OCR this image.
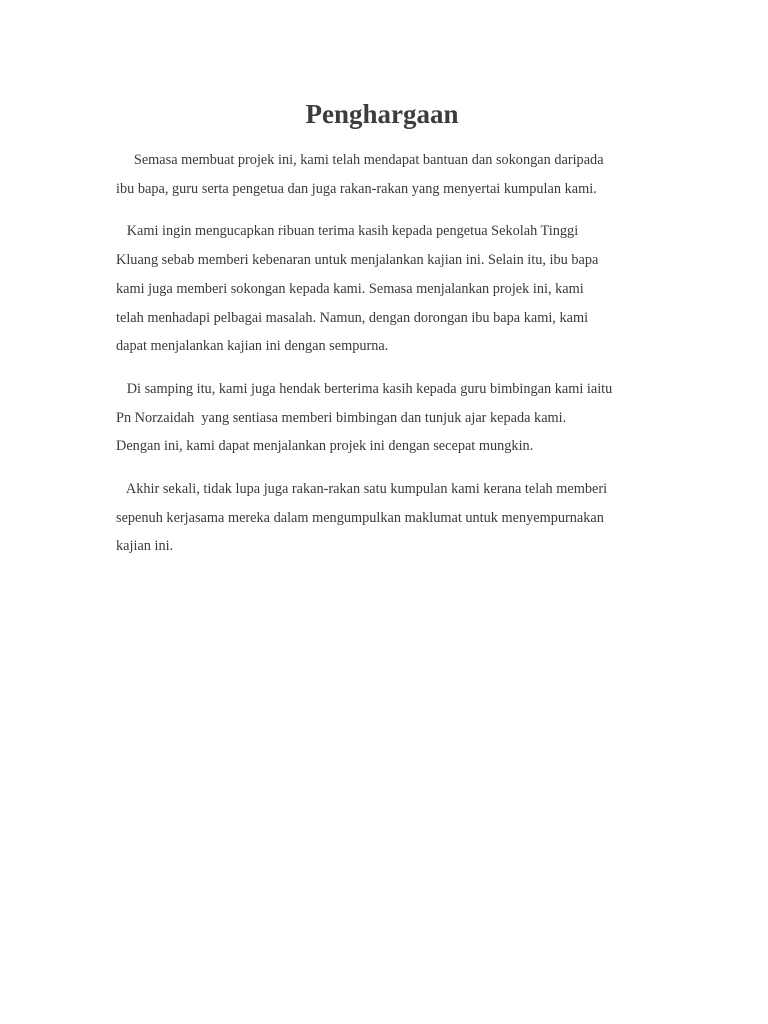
Penghargaan

Semasa membuat projek ini, kami telah mendapat bantuan dan sokongan daripada
ibu bapa, guru serta pengetua dan juga rakan-rakan yang menyertai kumpulan kami.

Kami ingin mengucapkan ribuan terima kasih kepada pengetua Sekolah Tinggi
Kluang sebab memberi kebenaran untuk menjalankan kajian ini. Selain itu, ibu bapa
kami juga memberi sokongan kepada kami. Semasa menjalankan projek ini, kami
telah menhadapi pelbagai masalah. Namun, dengan dorongan ibu bapa kami, kami
dapat menjalankan kajian ini dengan sempurna.

Di samping itu, kami juga hendak berterima kasih kepada guru bimbingan kami iaitu
Pn Norzaidah  yang sentiasa memberi bimbingan dan tunjuk ajar kepada kami.
Dengan ini, kami dapat menjalankan projek ini dengan secepat mungkin.

Akhir sekali, tidak lupa juga rakan-rakan satu kumpulan kami kerana telah memberi
sepenuh kerjasama mereka dalam mengumpulkan maklumat untuk menyempurnakan
kajian ini.
